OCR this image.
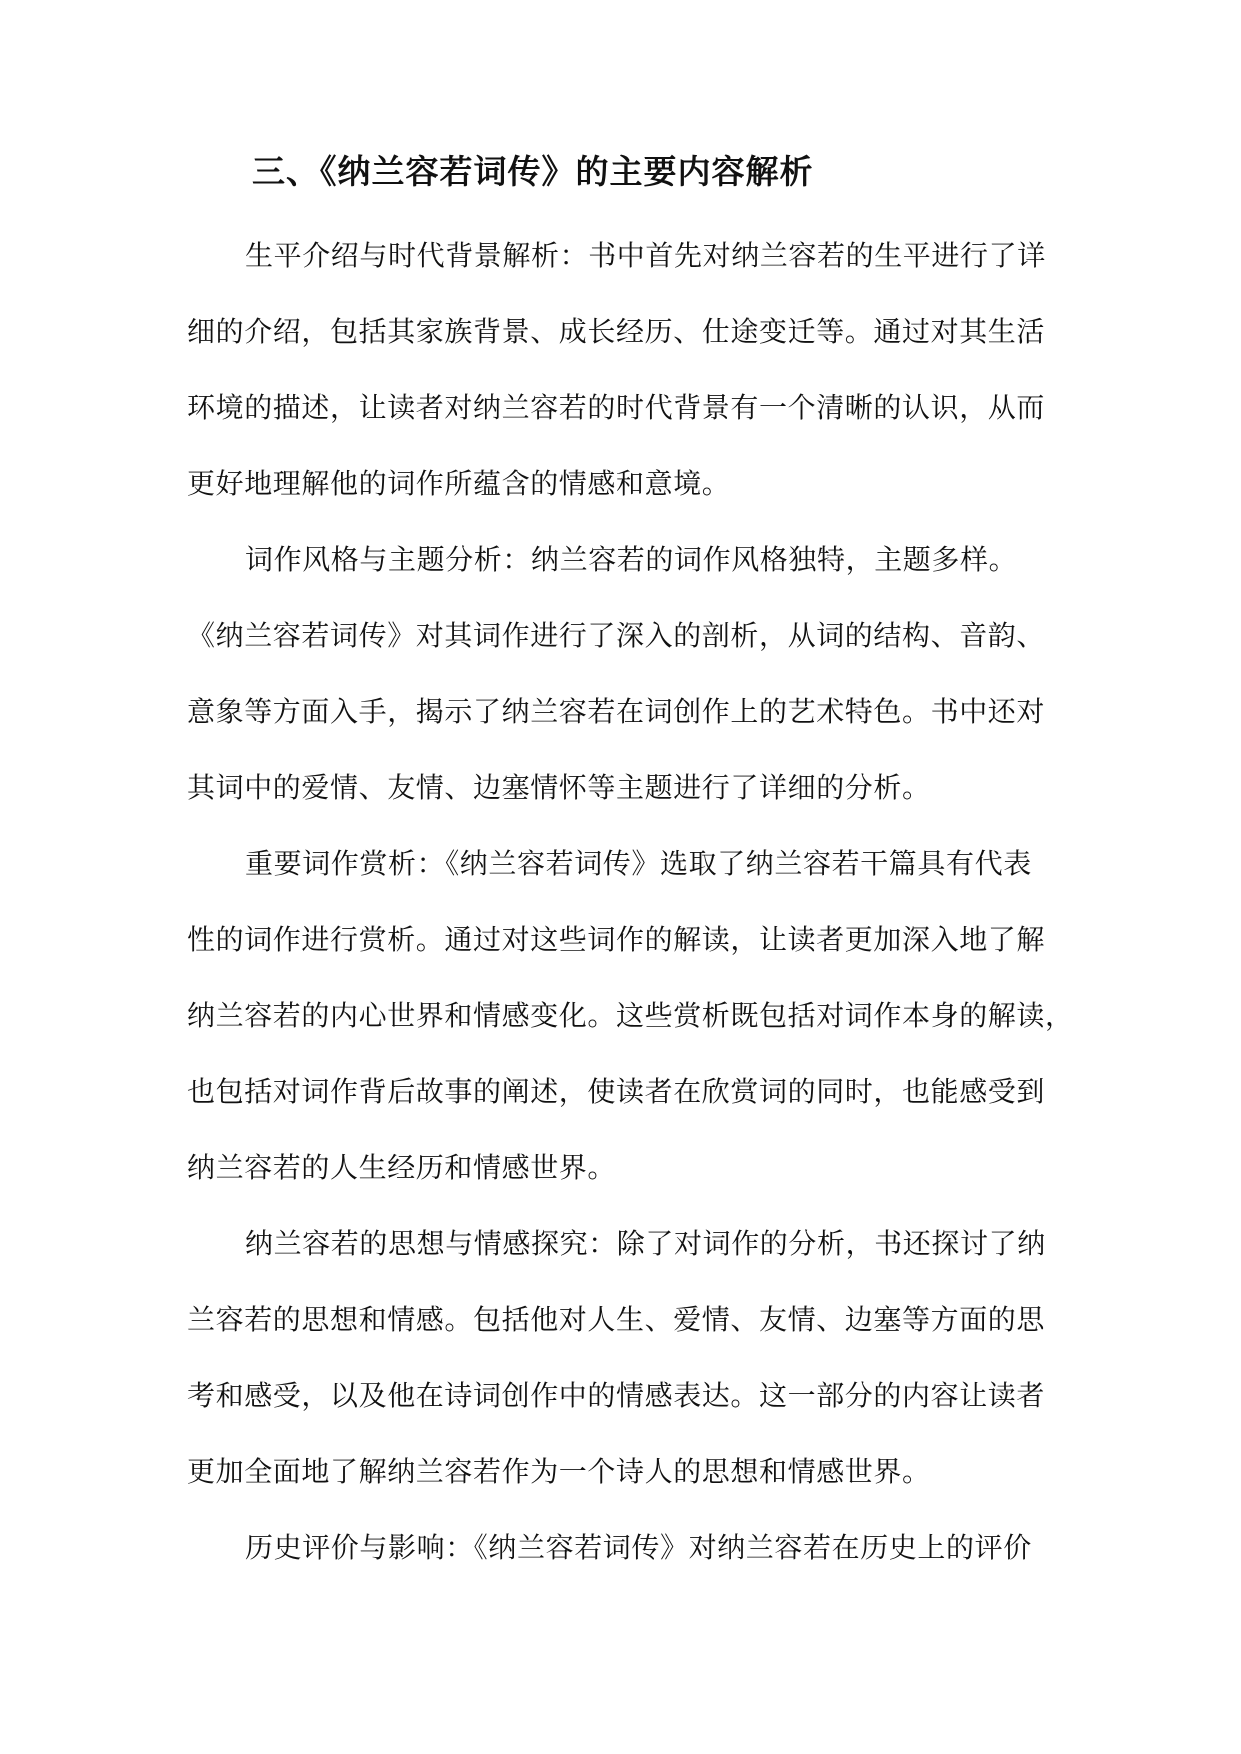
三、《纳兰容若词传》的主要内容解析

生平介绍与时代背景解析：书中首先对纳兰容若的生平进行了详

细的介绍，包括其家族背景、成长经历、仕途变迁等。通过对其生活

环境的描述，让读者对纳兰容若的时代背景有一个清晰的认识，从而

更好地理解他的词作所蕴含的情感和意境。

词作风格与主题分析：纳兰容若的词作风格独特，主题多样。

《纳兰容若词传》对其词作进行了深入的剖析，从词的结构、音韵、

意象等方面入手，揭示了纳兰容若在词创作上的艺术特色。书中还对

其词中的爱情、友情、边塞情怀等主题进行了详细的分析。

重要词作赏析：《纳兰容若词传》选取了纳兰容若干篇具有代表

性的词作进行赏析。通过对这些词作的解读，让读者更加深入地了解

纳兰容若的内心世界和情感变化。这些赏析既包括对词作本身的解读，

也包括对词作背后故事的阐述，使读者在欣赏词的同时，也能感受到

纳兰容若的人生经历和情感世界。

纳兰容若的思想与情感探究：除了对词作的分析，书还探讨了纳

兰容若的思想和情感。包括他对人生、爱情、友情、边塞等方面的思

考和感受，以及他在诗词创作中的情感表达。这一部分的内容让读者

更加全面地了解纳兰容若作为一个诗人的思想和情感世界。

历史评价与影响：《纳兰容若词传》对纳兰容若在历史上的评价
